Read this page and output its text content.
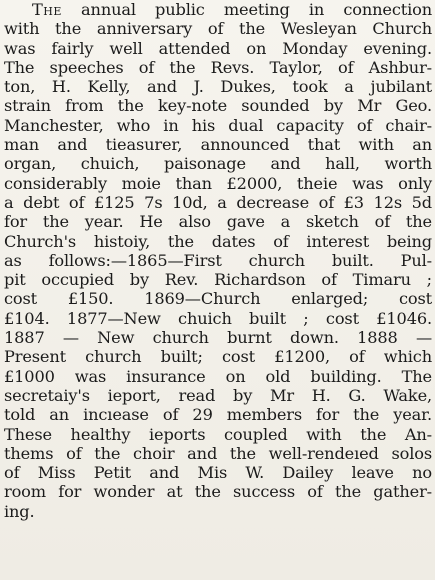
The annual public meeting in connection
with the anniversary of the Wesleyan Church
was fairly well attended on Monday evening.
The speeches of the Revs. Taylor, of Ashbur-
ton, H. Kelly, and J. Dukes, took a jubilant
strain from the key-note sounded by Mr Geo.
Manchester, who in his dual capacity of chair-
man and tieasurer, announced that with an
organ, chuich, paisonage and hall, worth
considerably moie than £2000, theie was only
a debt of £125 7s 10d, a decrease of £3 12s 5d
for the year. He also gave a sketch of the
Church's histoiy, the dates of interest being
as follows:—1865—First church built. Pul-
pit occupied by Rev. Richardson of Timaru ;
cost £150. 1869—Church enlarged; cost
£104. 1877—New chuich built ; cost £1046.
1887 — New church burnt down. 1888 —
Present church built; cost £1200, of which
£1000 was insurance on old building. The
secretaiy's ieport, read by Mr H. G. Wake,
told an incıease of 29 members for the year.
These healthy ieports coupled with the An-
thems of the choir and the well-rendeıed solos
of Miss Petit and Mis W. Dailey leave no
room for wonder at the success of the gather-
ing.
